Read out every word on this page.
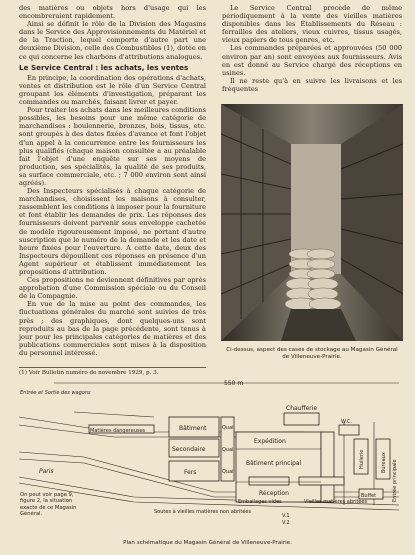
des matières ou objets hors d'usage qui les encombreraient rapidement.

Ainsi se définit le rôle de la Division des Magasins dans le Service des Approvisionnements du Matériel et de la Traction, lequel comporte d'autre part une deuxième Division, celle des Combustibles (1), dotée en ce qui concerne les charbons d'attributions analogues.

Le Service Central : les achats, les ventes

En principe, la coordination des opérations d'achats, ventes et distribution est le rôle d'un Service Central groupant les éléments d'investigation, préparant les commandes ou marchés, faisant livrer et payer.

Pour traiter les achats dans les meilleures conditions possibles, les besoins pour une même catégorie de marchandises : boulonnerie, bronzes, bois, tissus, etc. sont groupés à des dates fixées d'avance et font l'objet d'un appel à la concurrence entre les fournisseurs les plus qualifiés (chaque maison consultée a au préalable fait l'objet d'une enquête sur ses moyens de production, ses spécialités, la qualité de ses produits, sa surface commerciale, etc. ; 7 000 environ sont ainsi agréés).

Des Inspecteurs spécialisés à chaque catégorie de marchandises, choisissent les maisons à consulter, rassemblent les conditions à imposer pour la fourniture et font établir les demandes de prix. Les réponses des fournisseurs doivent parvenir sous enveloppe cachetée de modèle rigoureusement imposé, ne portant d'autre suscription que le numéro de la demande et les date et heure fixées pour l'ouverture. A cette date, deux des Inspecteurs dépouillent ces réponses en présence d'un Agent supérieur et établissent immédiatement les propositions d'attribution.

Ces propositions ne deviennent définitives par après approbation d'une Commission spéciale ou du Conseil de la Compagnie.

En vue de la mise au point des commandes, les fluctuations générales du marché sont suivies de très près ; des graphiques, dont quelques-uns sont reproduits au bas de la page précédente, sont tenus à jour pour les principales catégories de matières et des publications commerciales sont mises à la disposition du personnel intéressé.

Le Service Central procède de même périodiquement à la vente des vieilles matières disponibles dans les Établissements du Réseau : ferrailles des ateliers, vieux cuivres, tissus usagés, vieux papiers de tous genres, etc.

Les commandes préparées et approuvées (50 000 environ par an) sont envoyées aux fournisseurs. Avis en est donné au Service chargé des réceptions en usines.

Il ne reste qu'à en suivre les livraisons et les fréquentes

Ci-dessus, aspect des cases de stockage au Magasin Général de Villeneuve-Prairie.
(1) Voir Bulletin numéro de novembre 1929, p. 3.
550 m
Entrée et Sortie des wagons
Matières dangereuses	Bâtiment
Secondaire
Fers
Quai
Quai
Quai
Expédition
Bâtiment principal
Réception
Chaufferie
W.C.
Huilerie	Bureaux
Paris
Emballages vides	Vieilles matières abritées
Soutes à vieilles matières non abritées
Buffet
V.1
V.2
Entrée principale
On peut voir page 9, figure 2, la situation exacte de ce Magasin Général.
Plan schématique du Magasin Général de Villeneuve-Prairie.
